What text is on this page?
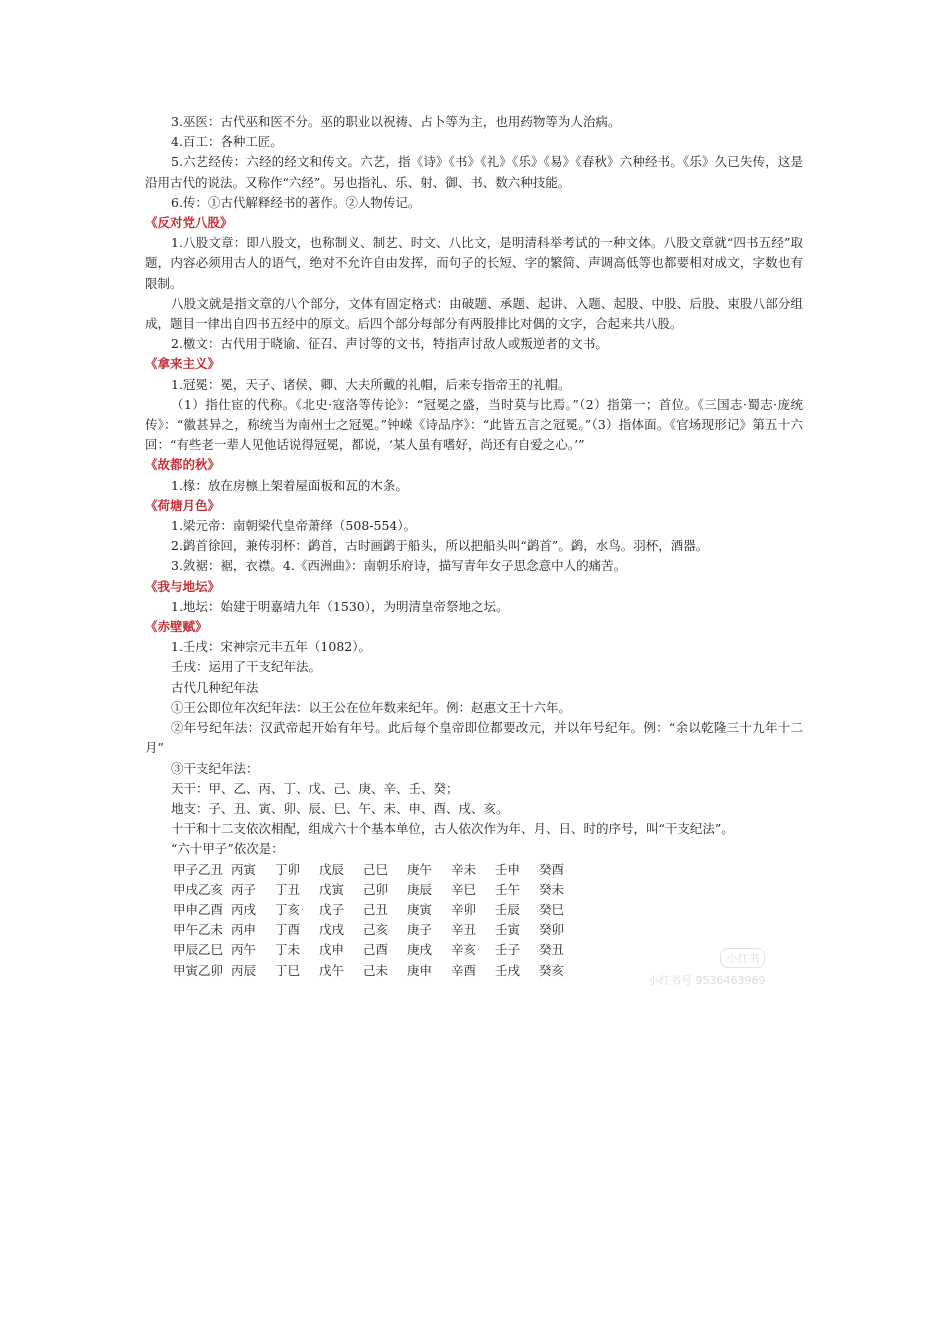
3.巫医：古代巫和医不分。巫的职业以祝祷、占卜等为主，也用药物等为人治病。
4.百工：各种工匠。
5.六艺经传：六经的经文和传文。六艺，指《诗》《书》《礼》《乐》《易》《春秋》六种经书。《乐》久已失传，这是沿用古代的说法。又称作“六经”。另也指礼、乐、射、御、书、数六种技能。
6.传：①古代解释经书的著作。②人物传记。
《反对党八股》
1.八股文章：即八股文，也称制义、制艺、时文、八比文，是明清科举考试的一种文体。八股文章就“四书五经”取题，内容必须用古人的语气，绝对不允许自由发挥，而句子的长短、字的繁简、声调高低等也都要相对成文，字数也有限制。
八股文就是指文章的八个部分，文体有固定格式：由破题、承题、起讲、入题、起股、中股、后股、束股八部分组成，题目一律出自四书五经中的原文。后四个部分每部分有两股排比对偶的文字，合起来共八股。
2.檄文：古代用于晓谕、征召、声讨等的文书，特指声讨敌人或叛逆者的文书。
《拿来主义》
1.冠冕：冕，天子、诸侯、卿、大夫所戴的礼帽，后来专指帝王的礼帽。
（1）指仕宦的代称。《北史·寇洛等传论》：“冠冕之盛，当时莫与比焉。”（2）指第一；首位。《三国志·蜀志·庞统传》：“徽甚异之，称统当为南州士之冠冕。”钟嵘《诗品序》：“此皆五言之冠冕。”（3）指体面。《官场现形记》第五十六回：“有些老一辈人见他话说得冠冕，都说，‘某人虽有嗜好，尚还有自爱之心。’”
《故都的秋》
1.椽：放在房檩上架着屋面板和瓦的木条。
《荷塘月色》
1.梁元帝：南朝梁代皇帝萧绎（508-554）。
2.鹢首徐回，兼传羽杯：鹢首，古时画鹢于船头，所以把船头叫“鹢首”。鹢，水鸟。羽杯，酒器。
3.敛裾：裾，衣襟。4.《西洲曲》：南朝乐府诗，描写青年女子思念意中人的痛苦。
《我与地坛》
1.地坛：始建于明嘉靖九年（1530），为明清皇帝祭地之坛。
《赤壁赋》
1.壬戌：宋神宗元丰五年（1082）。
壬戌：运用了干支纪年法。
古代几种纪年法
①王公即位年次纪年法：以王公在位年数来纪年。例：赵惠文王十六年。
②年号纪年法：汉武帝起开始有年号。此后每个皇帝即位都要改元，并以年号纪年。例：“余以乾隆三十九年十二月”
③干支纪年法：
天干：甲、乙、丙、丁、戊、己、庚、辛、壬、癸；
地支：子、丑、寅、卯、辰、巳、午、未、申、酉、戌、亥。
十干和十二支依次相配，组成六十个基本单位，古人依次作为年、月、日、时的序号，叫“干支纪法”。
“六十甲子”依次是：
甲子乙丑	丙寅	丁卯	戊辰	己巳	庚午	辛未	壬申	癸酉
甲戌乙亥	丙子	丁丑	戊寅	己卯	庚辰	辛巳	壬午	癸未
甲申乙酉	丙戌	丁亥	戊子	己丑	庚寅	辛卯	壬辰	癸巳
甲午乙未	丙申	丁酉	戊戌	己亥	庚子	辛丑	壬寅	癸卯
甲辰乙巳	丙午	丁未	戊申	己酉	庚戌	辛亥	壬子	癸丑
甲寅乙卯	丙辰	丁巳	戊午	己未	庚申	辛酉	壬戌	癸亥
小红书
小红书号 9536463969
